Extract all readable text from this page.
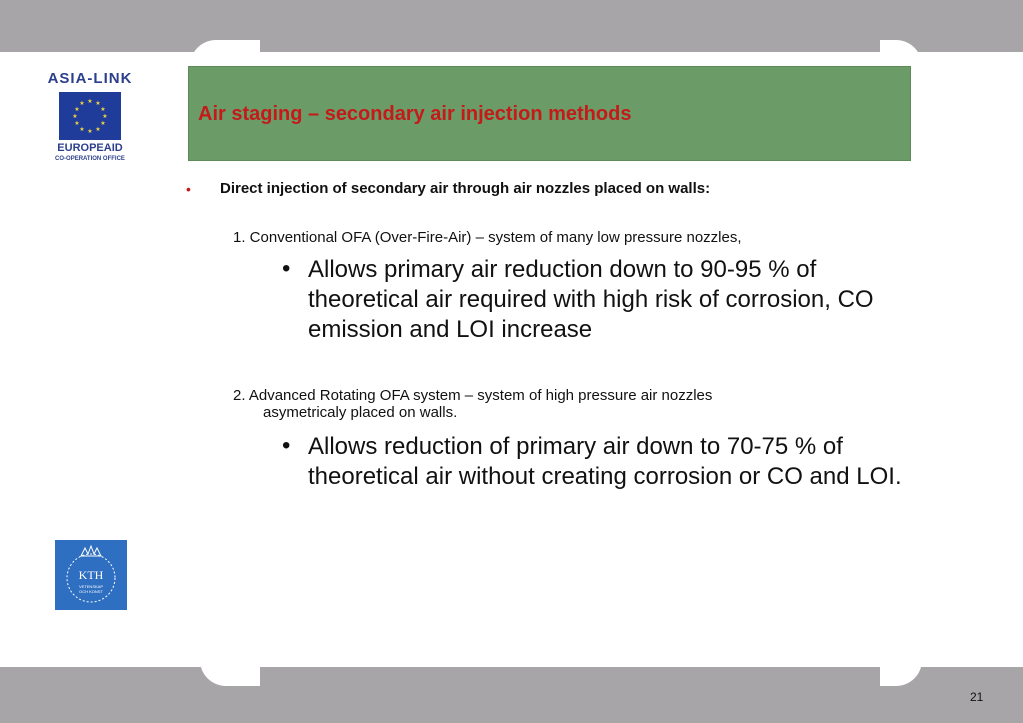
Air staging – secondary air injection methods
ASIA-LINK
★ ★
★
★
★
★
★
★
★
★
★
★
EUROPEAID
CO-OPERATION OFFICE
KTH
VETENSKAP
OCH KONST
• Direct injection of secondary air through air nozzles placed on walls:
1. Conventional OFA (Over-Fire-Air) – system of many low pressure nozzles,
• Allows primary air reduction down to 90-95 % of theoretical air required with high risk of corrosion, CO emission and LOI increase
2. Advanced Rotating OFA system – system of high pressure air nozzles
asymetricaly placed on walls.
• Allows reduction of primary air down to 70-75 % of theoretical air without creating corrosion or CO and LOI.
21
